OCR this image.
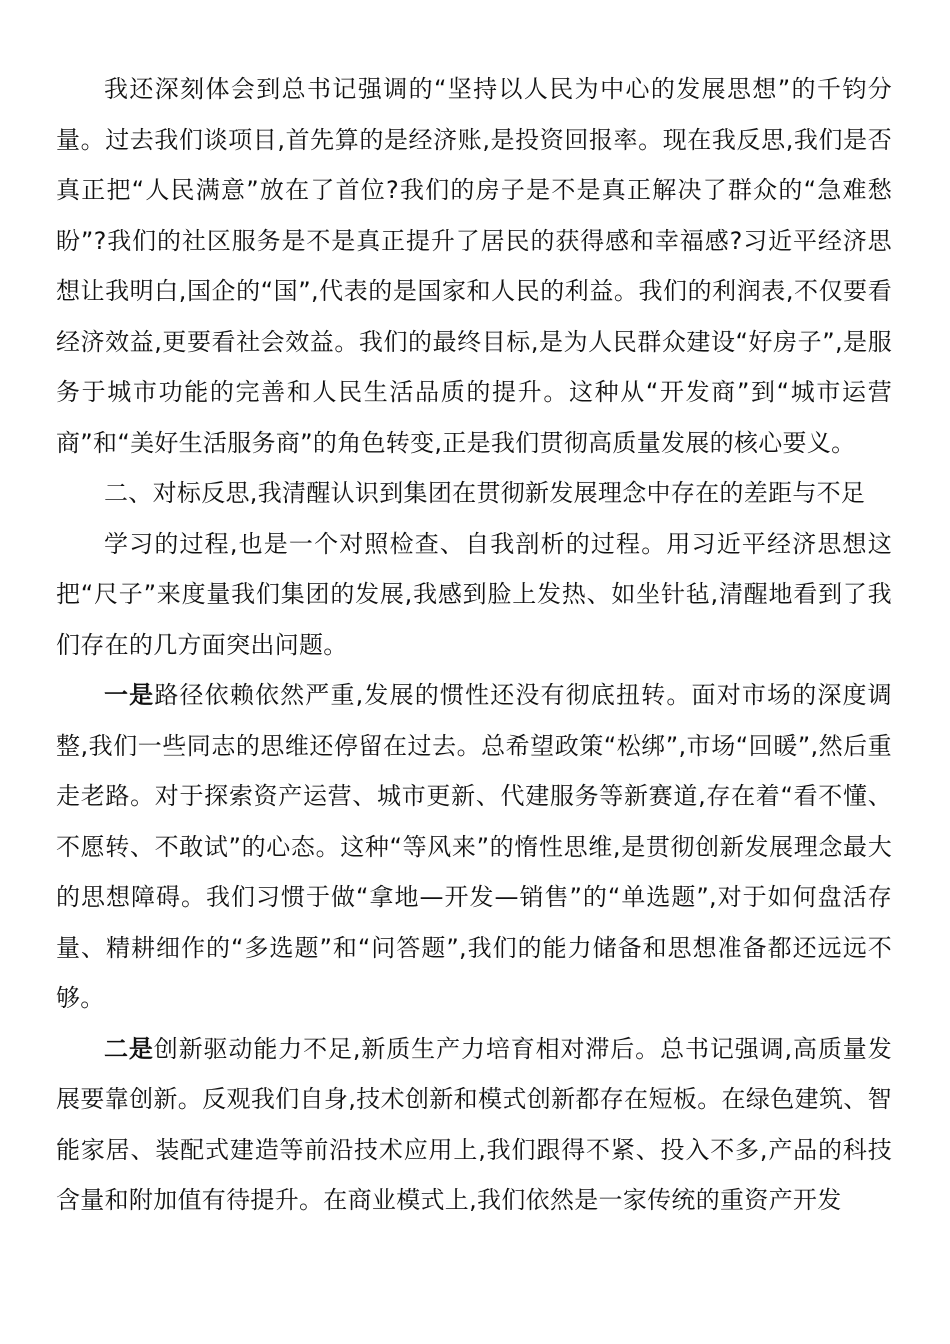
我还深刻体会到总书记强调的“坚持以人民为中心的发展思想”的千钧分量。过去我们谈项目,首先算的是经济账,是投资回报率。现在我反思,我们是否真正把“人民满意”放在了首位?我们的房子是不是真正解决了群众的“急难愁盼”?我们的社区服务是不是真正提升了居民的获得感和幸福感?习近平经济思想让我明白,国企的“国”,代表的是国家和人民的利益。我们的利润表,不仅要看经济效益,更要看社会效益。我们的最终目标,是为人民群众建设“好房子”,是服务于城市功能的完善和人民生活品质的提升。这种从“开发商”到“城市运营商”和“美好生活服务商”的角色转变,正是我们贯彻高质量发展的核心要义。

二、对标反思,我清醒认识到集团在贯彻新发展理念中存在的差距与不足

学习的过程,也是一个对照检查、自我剖析的过程。用习近平经济思想这把“尺子”来度量我们集团的发展,我感到脸上发热、如坐针毡,清醒地看到了我们存在的几方面突出问题。

一是路径依赖依然严重,发展的惯性还没有彻底扭转。面对市场的深度调整,我们一些同志的思维还停留在过去。总希望政策“松绑”,市场“回暖”,然后重走老路。对于探索资产运营、城市更新、代建服务等新赛道,存在着“看不懂、不愿转、不敢试”的心态。这种“等风来”的惰性思维,是贯彻创新发展理念最大的思想障碍。我们习惯于做“拿地—开发—销售”的“单选题”,对于如何盘活存量、精耕细作的“多选题”和“问答题”,我们的能力储备和思想准备都还远远不够。

二是创新驱动能力不足,新质生产力培育相对滞后。总书记强调,高质量发展要靠创新。反观我们自身,技术创新和模式创新都存在短板。在绿色建筑、智能家居、装配式建造等前沿技术应用上,我们跟得不紧、投入不多,产品的科技含量和附加值有待提升。在商业模式上,我们依然是一家传统的重资产开发
